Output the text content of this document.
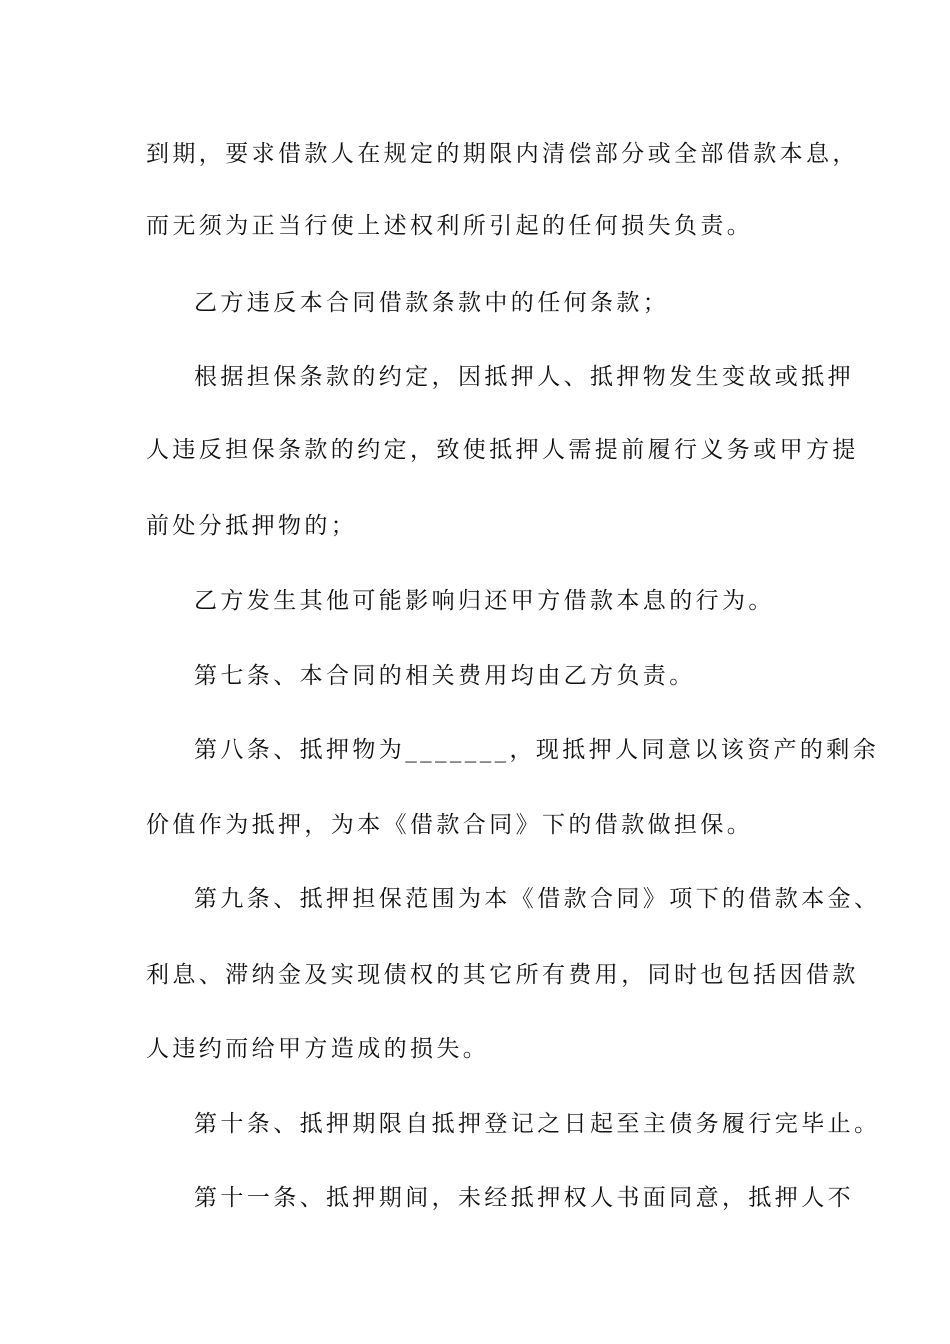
到期，要求借款人在规定的期限内清偿部分或全部借款本息，
而无须为正当行使上述权利所引起的任何损失负责。
乙方违反本合同借款条款中的任何条款；
根据担保条款的约定，因抵押人、抵押物发生变故或抵押
人违反担保条款的约定，致使抵押人需提前履行义务或甲方提
前处分抵押物的；
乙方发生其他可能影响归还甲方借款本息的行为。
第七条、本合同的相关费用均由乙方负责。
第八条、抵押物为_______，现抵押人同意以该资产的剩余
价值作为抵押，为本《借款合同》下的借款做担保。
第九条、抵押担保范围为本《借款合同》项下的借款本金、
利息、滞纳金及实现债权的其它所有费用，同时也包括因借款
人违约而给甲方造成的损失。
第十条、抵押期限自抵押登记之日起至主债务履行完毕止。
第十一条、抵押期间，未经抵押权人书面同意，抵押人不
